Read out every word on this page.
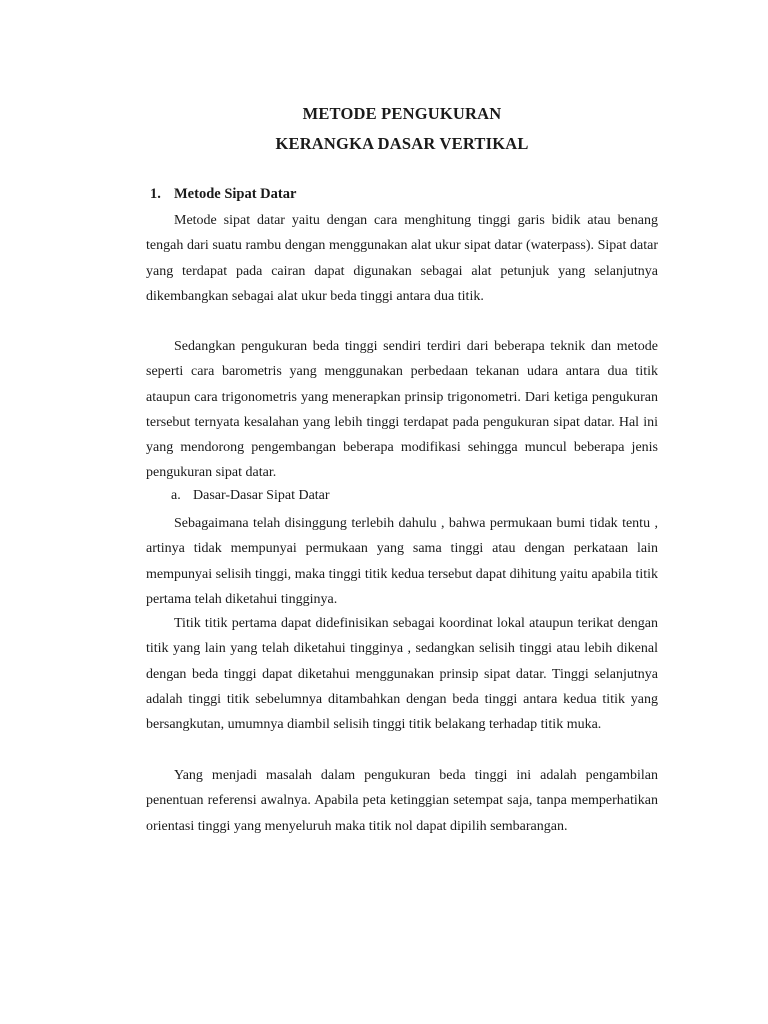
METODE PENGUKURAN
KERANGKA DASAR VERTIKAL
1. Metode Sipat Datar

Metode sipat datar yaitu dengan cara menghitung tinggi garis bidik atau benang tengah dari suatu rambu dengan menggunakan alat ukur sipat datar (waterpass). Sipat datar yang terdapat pada cairan dapat digunakan sebagai alat petunjuk yang selanjutnya dikembangkan sebagai alat ukur beda tinggi antara dua titik.

Sedangkan pengukuran beda tinggi sendiri terdiri dari beberapa teknik dan metode seperti cara barometris yang menggunakan perbedaan tekanan udara antara dua titik ataupun cara trigonometris yang menerapkan prinsip trigonometri. Dari ketiga pengukuran tersebut ternyata kesalahan yang lebih tinggi terdapat pada pengukuran sipat datar. Hal ini yang mendorong pengembangan beberapa modifikasi sehingga muncul beberapa jenis pengukuran sipat datar.

a. Dasar-Dasar Sipat Datar

Sebagaimana telah disinggung terlebih dahulu , bahwa permukaan bumi tidak tentu , artinya tidak mempunyai permukaan yang sama tinggi atau dengan perkataan lain mempunyai selisih tinggi, maka tinggi titik kedua tersebut dapat dihitung yaitu apabila titik pertama telah diketahui tingginya.

Titik titik pertama dapat didefinisikan sebagai koordinat lokal ataupun terikat dengan titik yang lain yang telah diketahui tingginya , sedangkan selisih tinggi atau lebih dikenal dengan beda tinggi dapat diketahui menggunakan prinsip sipat datar. Tinggi selanjutnya adalah tinggi titik sebelumnya ditambahkan dengan beda tinggi antara kedua titik yang bersangkutan, umumnya diambil selisih tinggi titik belakang terhadap titik muka.

Yang menjadi masalah dalam pengukuran beda tinggi ini adalah pengambilan penentuan referensi awalnya. Apabila peta ketinggian setempat saja, tanpa memperhatikan orientasi tinggi yang menyeluruh maka titik nol dapat dipilih sembarangan.
